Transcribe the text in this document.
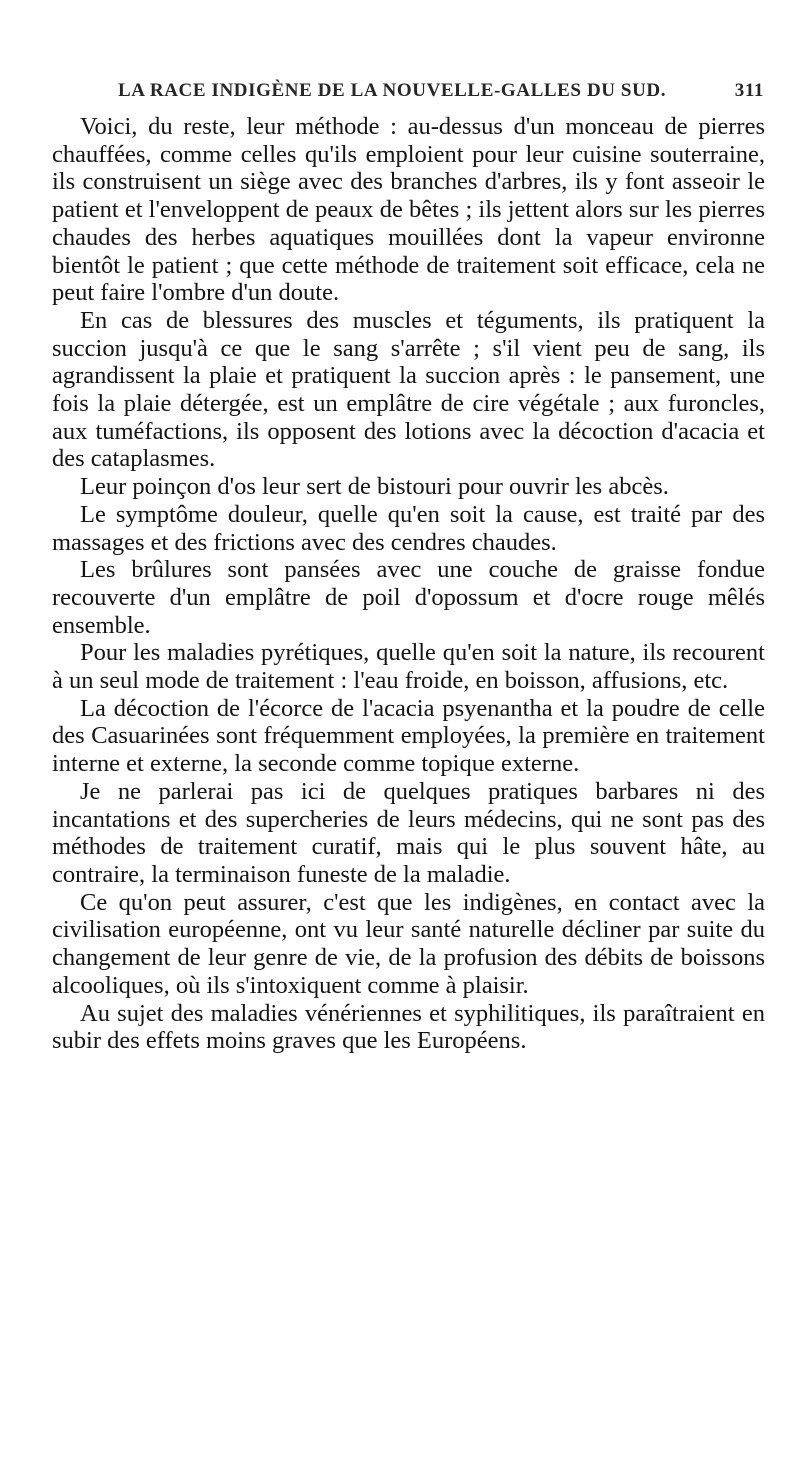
LA RACE INDIGÈNE DE LA NOUVELLE-GALLES DU SUD.	311

Voici, du reste, leur méthode : au-dessus d'un monceau de pierres chauffées, comme celles qu'ils emploient pour leur cuisine souterraine, ils construisent un siège avec des branches d'arbres, ils y font asseoir le patient et l'enveloppent de peaux de bêtes ; ils jettent alors sur les pierres chaudes des herbes aquatiques mouillées dont la vapeur environne bientôt le patient ; que cette méthode de traitement soit efficace, cela ne peut faire l'ombre d'un doute.

En cas de blessures des muscles et téguments, ils pratiquent la succion jusqu'à ce que le sang s'arrête ; s'il vient peu de sang, ils agrandissent la plaie et pratiquent la succion après : le pansement, une fois la plaie détergée, est un emplâtre de cire végétale ; aux furoncles, aux tuméfactions, ils opposent des lotions avec la décoction d'acacia et des cataplasmes.

Leur poinçon d'os leur sert de bistouri pour ouvrir les abcès.

Le symptôme douleur, quelle qu'en soit la cause, est traité par des massages et des frictions avec des cendres chaudes.

Les brûlures sont pansées avec une couche de graisse fondue recouverte d'un emplâtre de poil d'opossum et d'ocre rouge mêlés ensemble.

Pour les maladies pyrétiques, quelle qu'en soit la nature, ils recourent à un seul mode de traitement : l'eau froide, en boisson, affusions, etc.

La décoction de l'écorce de l'acacia psyenantha et la poudre de celle des Casuarinées sont fréquemment employées, la première en traitement interne et externe, la seconde comme topique externe.

Je ne parlerai pas ici de quelques pratiques barbares ni des incantations et des supercheries de leurs médecins, qui ne sont pas des méthodes de traitement curatif, mais qui le plus souvent hâte, au contraire, la terminaison funeste de la maladie.

Ce qu'on peut assurer, c'est que les indigènes, en contact avec la civilisation européenne, ont vu leur santé naturelle décliner par suite du changement de leur genre de vie, de la profusion des débits de boissons alcooliques, où ils s'intoxiquent comme à plaisir.

Au sujet des maladies vénériennes et syphilitiques, ils paraîtraient en subir des effets moins graves que les Européens.
